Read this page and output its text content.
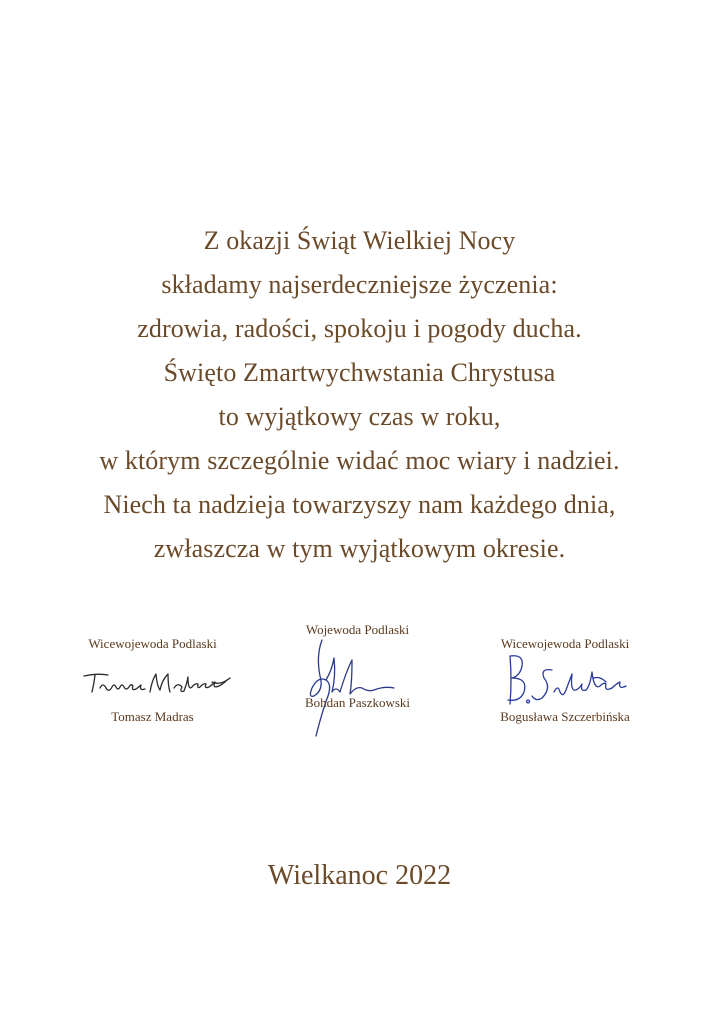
Z okazji Świąt Wielkiej Nocy
składamy najserdeczniejsze życzenia:
zdrowia, radości, spokoju i pogody ducha.
Święto Zmartwychwstania Chrystusa
to wyjątkowy czas w roku,
w którym szczególnie widać moc wiary i nadziei.
Niech ta nadzieja towarzyszy nam każdego dnia,
zwłaszcza w tym wyjątkowym okresie.
Wicewojewoda Podlaski
Tomasz Madras
Wojewoda Podlaski
Bohdan Paszkowski
Wicewojewoda Podlaski
Bogusława Szczerbińska
Wielkanoc 2022
